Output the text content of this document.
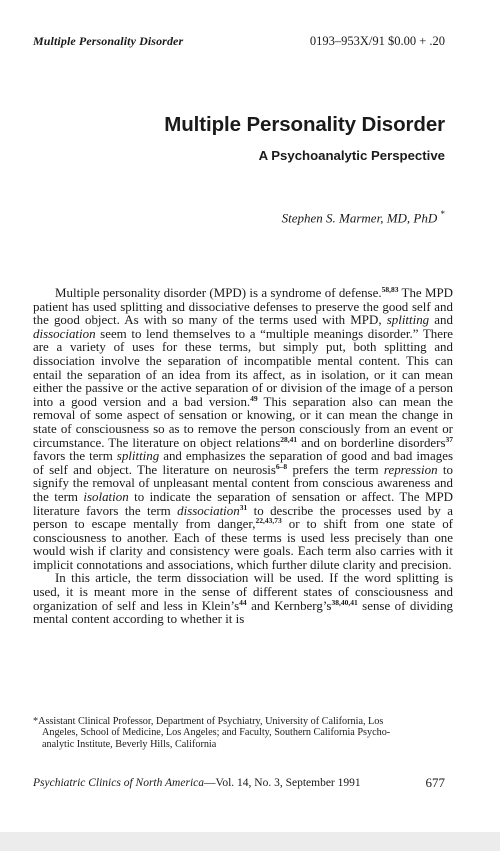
Multiple Personality Disorder	0193–953X/91 $0.00 + .20
Multiple Personality Disorder
A Psychoanalytic Perspective
Stephen S. Marmer, MD, PhD *

Multiple personality disorder (MPD) is a syndrome of defense.$^{58,83}$ The MPD patient has used splitting and dissociative defenses to preserve the good self and the good object. As with so many of the terms used with MPD, splitting and dissociation seem to lend themselves to a “multiple meanings disorder.” There are a variety of uses for these terms, but simply put, both splitting and dissociation involve the separation of incompatible mental content. This can entail the separation of an idea from its affect, as in isolation, or it can mean either the passive or the active separation of or division of the image of a person into a good version and a bad version.$^{49}$ This separation also can mean the removal of some aspect of sensation or knowing, or it can mean the change in state of consciousness so as to remove the person consciously from an event or circumstance. The literature on object relations$^{28,41}$ and on borderline disorders$^{37}$ favors the term splitting and emphasizes the separation of good and bad images of self and object. The literature on neurosis$^{6-8}$ prefers the term repression to signify the removal of unpleasant mental content from conscious awareness and the term isolation to indicate the separation of sensation or affect. The MPD literature favors the term dissociation$^{31}$ to describe the processes used by a person to escape mentally from danger,$^{22,43,73}$ or to shift from one state of consciousness to another. Each of these terms is used less precisely than one would wish if clarity and consistency were goals. Each term also carries with it implicit connotations and associations, which further dilute clarity and precision.

In this article, the term dissociation will be used. If the word splitting is used, it is meant more in the sense of different states of consciousness and organization of self and less in $Klein’s^{44}$ and $Kernberg’s^{38,40,41}$ sense of dividing mental content according to whether it is

*Assistant Clinical Professor, Department of Psychiatry, University of California, Los
Angeles, School of Medicine, Los Angeles; and Faculty, Southern California Psycho-
analytic Institute, Beverly Hills, California
Psychiatric Clinics of North America—Vol. 14, No. 3, September 1991	677
